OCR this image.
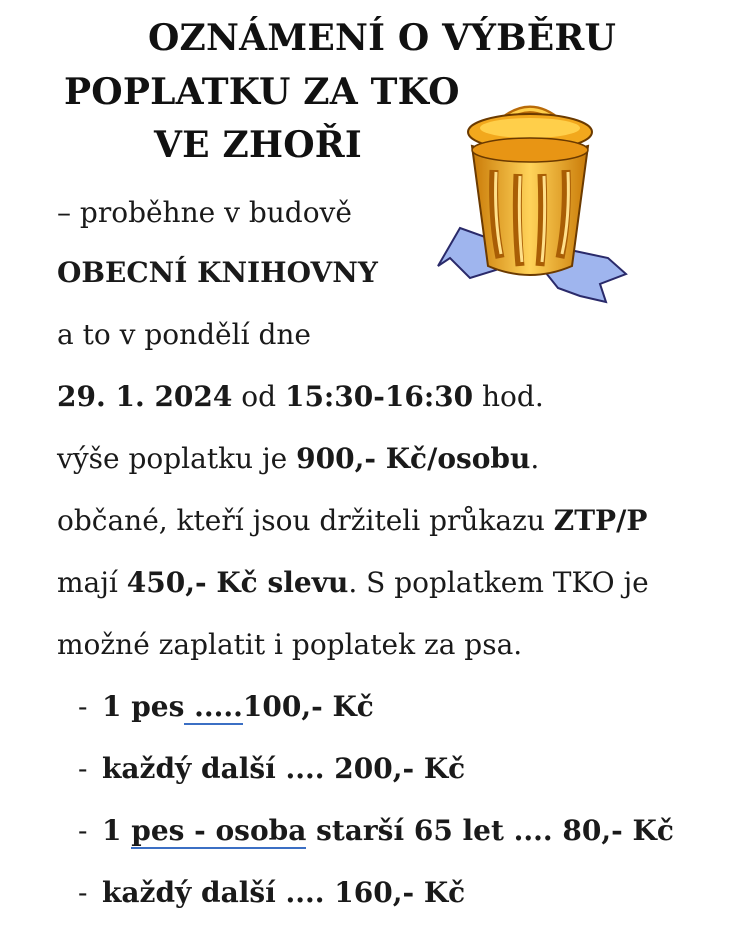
OZNÁMENÍ O VÝBĚRU
POPLATKU ZA TKO
VE ZHOŘI
– proběhne v budově
OBECNÍ KNIHOVNY
a to v pondělí dne
29. 1. 2024 od 15:30-16:30 hod.
výše poplatku je 900,- Kč/osobu.
občané, kteří jsou držiteli průkazu ZTP/P
mají 450,- Kč slevu. S poplatkem TKO je
možné zaplatit i poplatek za psa.
- 1 pes .....100,- Kč
- každý další .... 200,- Kč
- 1 pes - osoba starší 65 let .... 80,- Kč
- každý další .... 160,- Kč
